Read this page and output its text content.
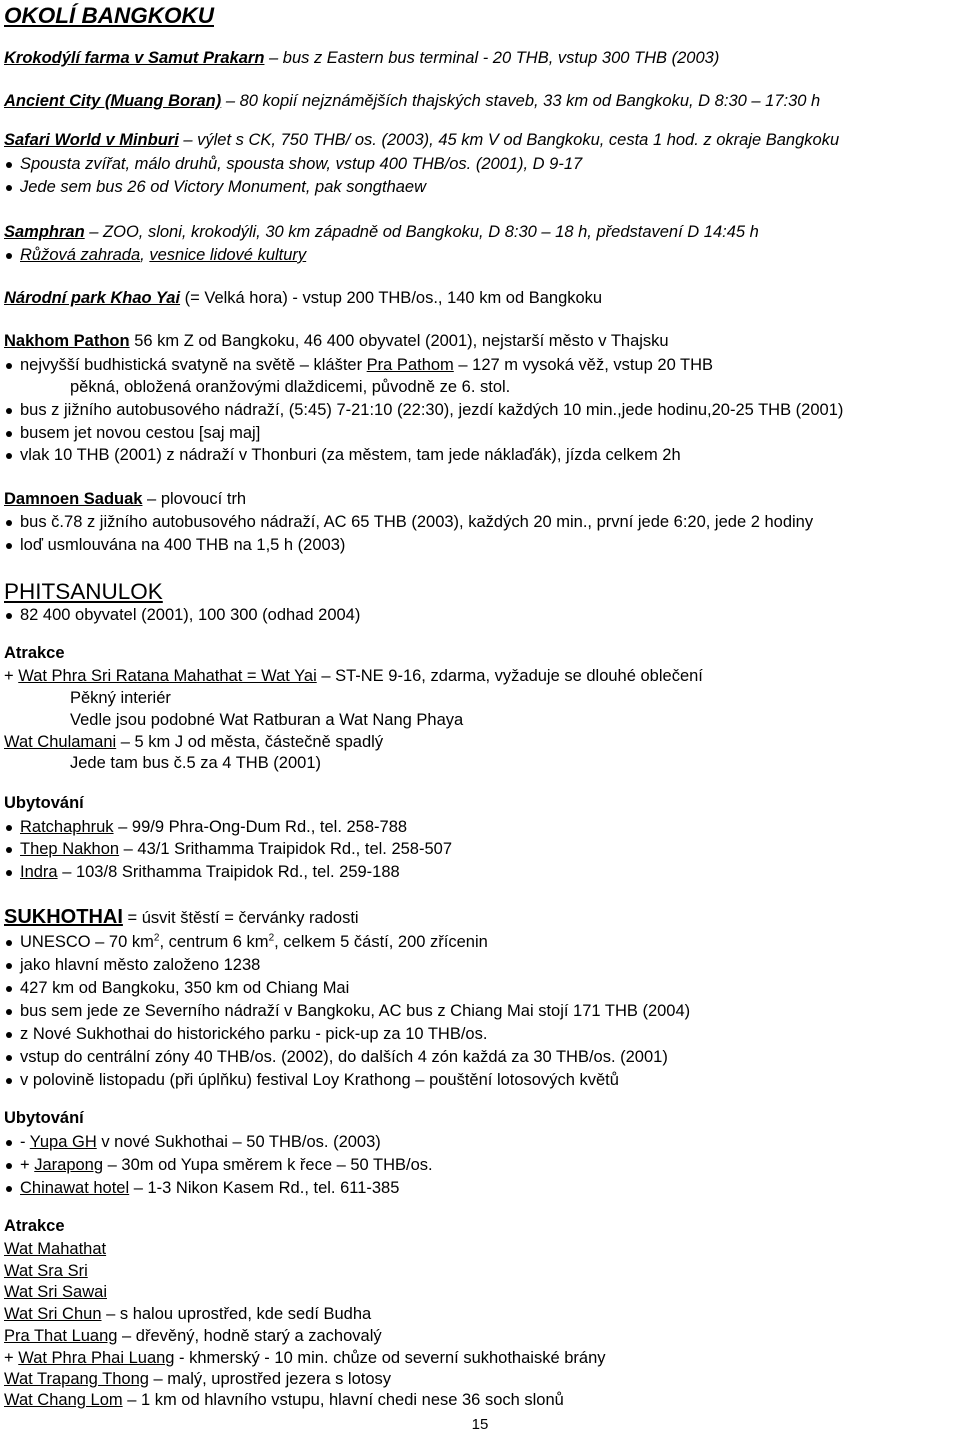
OKOLÍ BANGKOKU
Krokodýlí farma v Samut Prakarn – bus z Eastern bus terminal - 20 THB, vstup 300 THB (2003)
Ancient City (Muang Boran) – 80 kopií nejznámějších thajských staveb, 33 km od Bangkoku, D 8:30 – 17:30 h
Safari World v Minburi – výlet s CK, 750 THB/ os. (2003), 45 km V od Bangkoku, cesta 1 hod. z okraje Bangkoku
Spousta zvířat, málo druhů, spousta show, vstup 400 THB/os. (2001), D 9-17
Jede sem bus 26 od Victory Monument, pak songthaew
Samphran – ZOO, sloni, krokodýli, 30 km západně od Bangkoku, D 8:30 – 18 h, představení D 14:45 h
Růžová zahrada, vesnice lidové kultury
Národní park Khao Yai (= Velká hora) - vstup 200 THB/os., 140 km od Bangkoku
Nakhom Pathon 56 km Z od Bangkoku, 46 400 obyvatel (2001), nejstarší město v Thajsku
nejvyšší budhistická svatyně na světě – klášter Pra Pathom – 127 m vysoká věž, vstup 20 THB
pěkná, obložená oranžovými dlaždicemi, původně ze 6. stol.
bus z jižního autobusového nádraží, (5:45) 7-21:10 (22:30), jezdí každých 10 min.,jede hodinu,20-25 THB (2001)
busem jet novou cestou [saj maj]
vlak 10 THB (2001) z nádraží v Thonburi (za městem, tam jede náklaďák), jízda celkem 2h
Damnoen Saduak – plovoucí trh
bus č.78 z jižního autobusového nádraží, AC 65 THB (2003), každých 20 min., první jede 6:20, jede 2 hodiny
loď usmlouvána na 400 THB na 1,5 h (2003)
PHITSANULOK
82 400 obyvatel (2001), 100 300 (odhad 2004)
Atrakce
+ Wat Phra Sri Ratana Mahathat = Wat Yai – ST-NE 9-16, zdarma, vyžaduje se dlouhé oblečení
Pěkný interiér
Vedle jsou podobné Wat Ratburan a Wat Nang Phaya
Wat Chulamani – 5 km J od města, částečně spadlý
Jede tam bus č.5 za 4 THB (2001)
Ubytování
Ratchaphruk – 99/9 Phra-Ong-Dum Rd., tel. 258-788
Thep Nakhon – 43/1 Srithamma Traipidok Rd., tel. 258-507
Indra – 103/8 Srithamma Traipidok Rd., tel. 259-188
SUKHOTHAI = úsvit štěstí = červánky radosti
UNESCO – 70 $km^2$, centrum 6 $km^2$, celkem 5 částí, 200 zřícenin
jako hlavní město založeno 1238
427 km od Bangkoku, 350 km od Chiang Mai
bus sem jede ze Severního nádraží v Bangkoku, AC bus z Chiang Mai stojí 171 THB (2004)
z Nové Sukhothai do historického parku - pick-up za 10 THB/os.
vstup do centrální zóny 40 THB/os. (2002), do dalších 4 zón každá za 30 THB/os. (2001)
v polovině listopadu (při úplňku) festival Loy Krathong – pouštění lotosových květů
Ubytování
- Yupa GH v nové Sukhothai – 50 THB/os. (2003)
+ Jarapong – 30m od Yupa směrem k řece – 50 THB/os.
Chinawat hotel – 1-3 Nikon Kasem Rd., tel. 611-385
Atrakce
Wat Mahathat
Wat Sra Sri
Wat Sri Sawai
Wat Sri Chun – s halou uprostřed, kde sedí Budha
Pra That Luang – dřevěný, hodně starý a zachovalý
+ Wat Phra Phai Luang - khmerský - 10 min. chůze od severní sukhothaiské brány
Wat Trapang Thong – malý, uprostřed jezera s lotosy
Wat Chang Lom – 1 km od hlavního vstupu, hlavní chedi nese 36 soch slonů
15
